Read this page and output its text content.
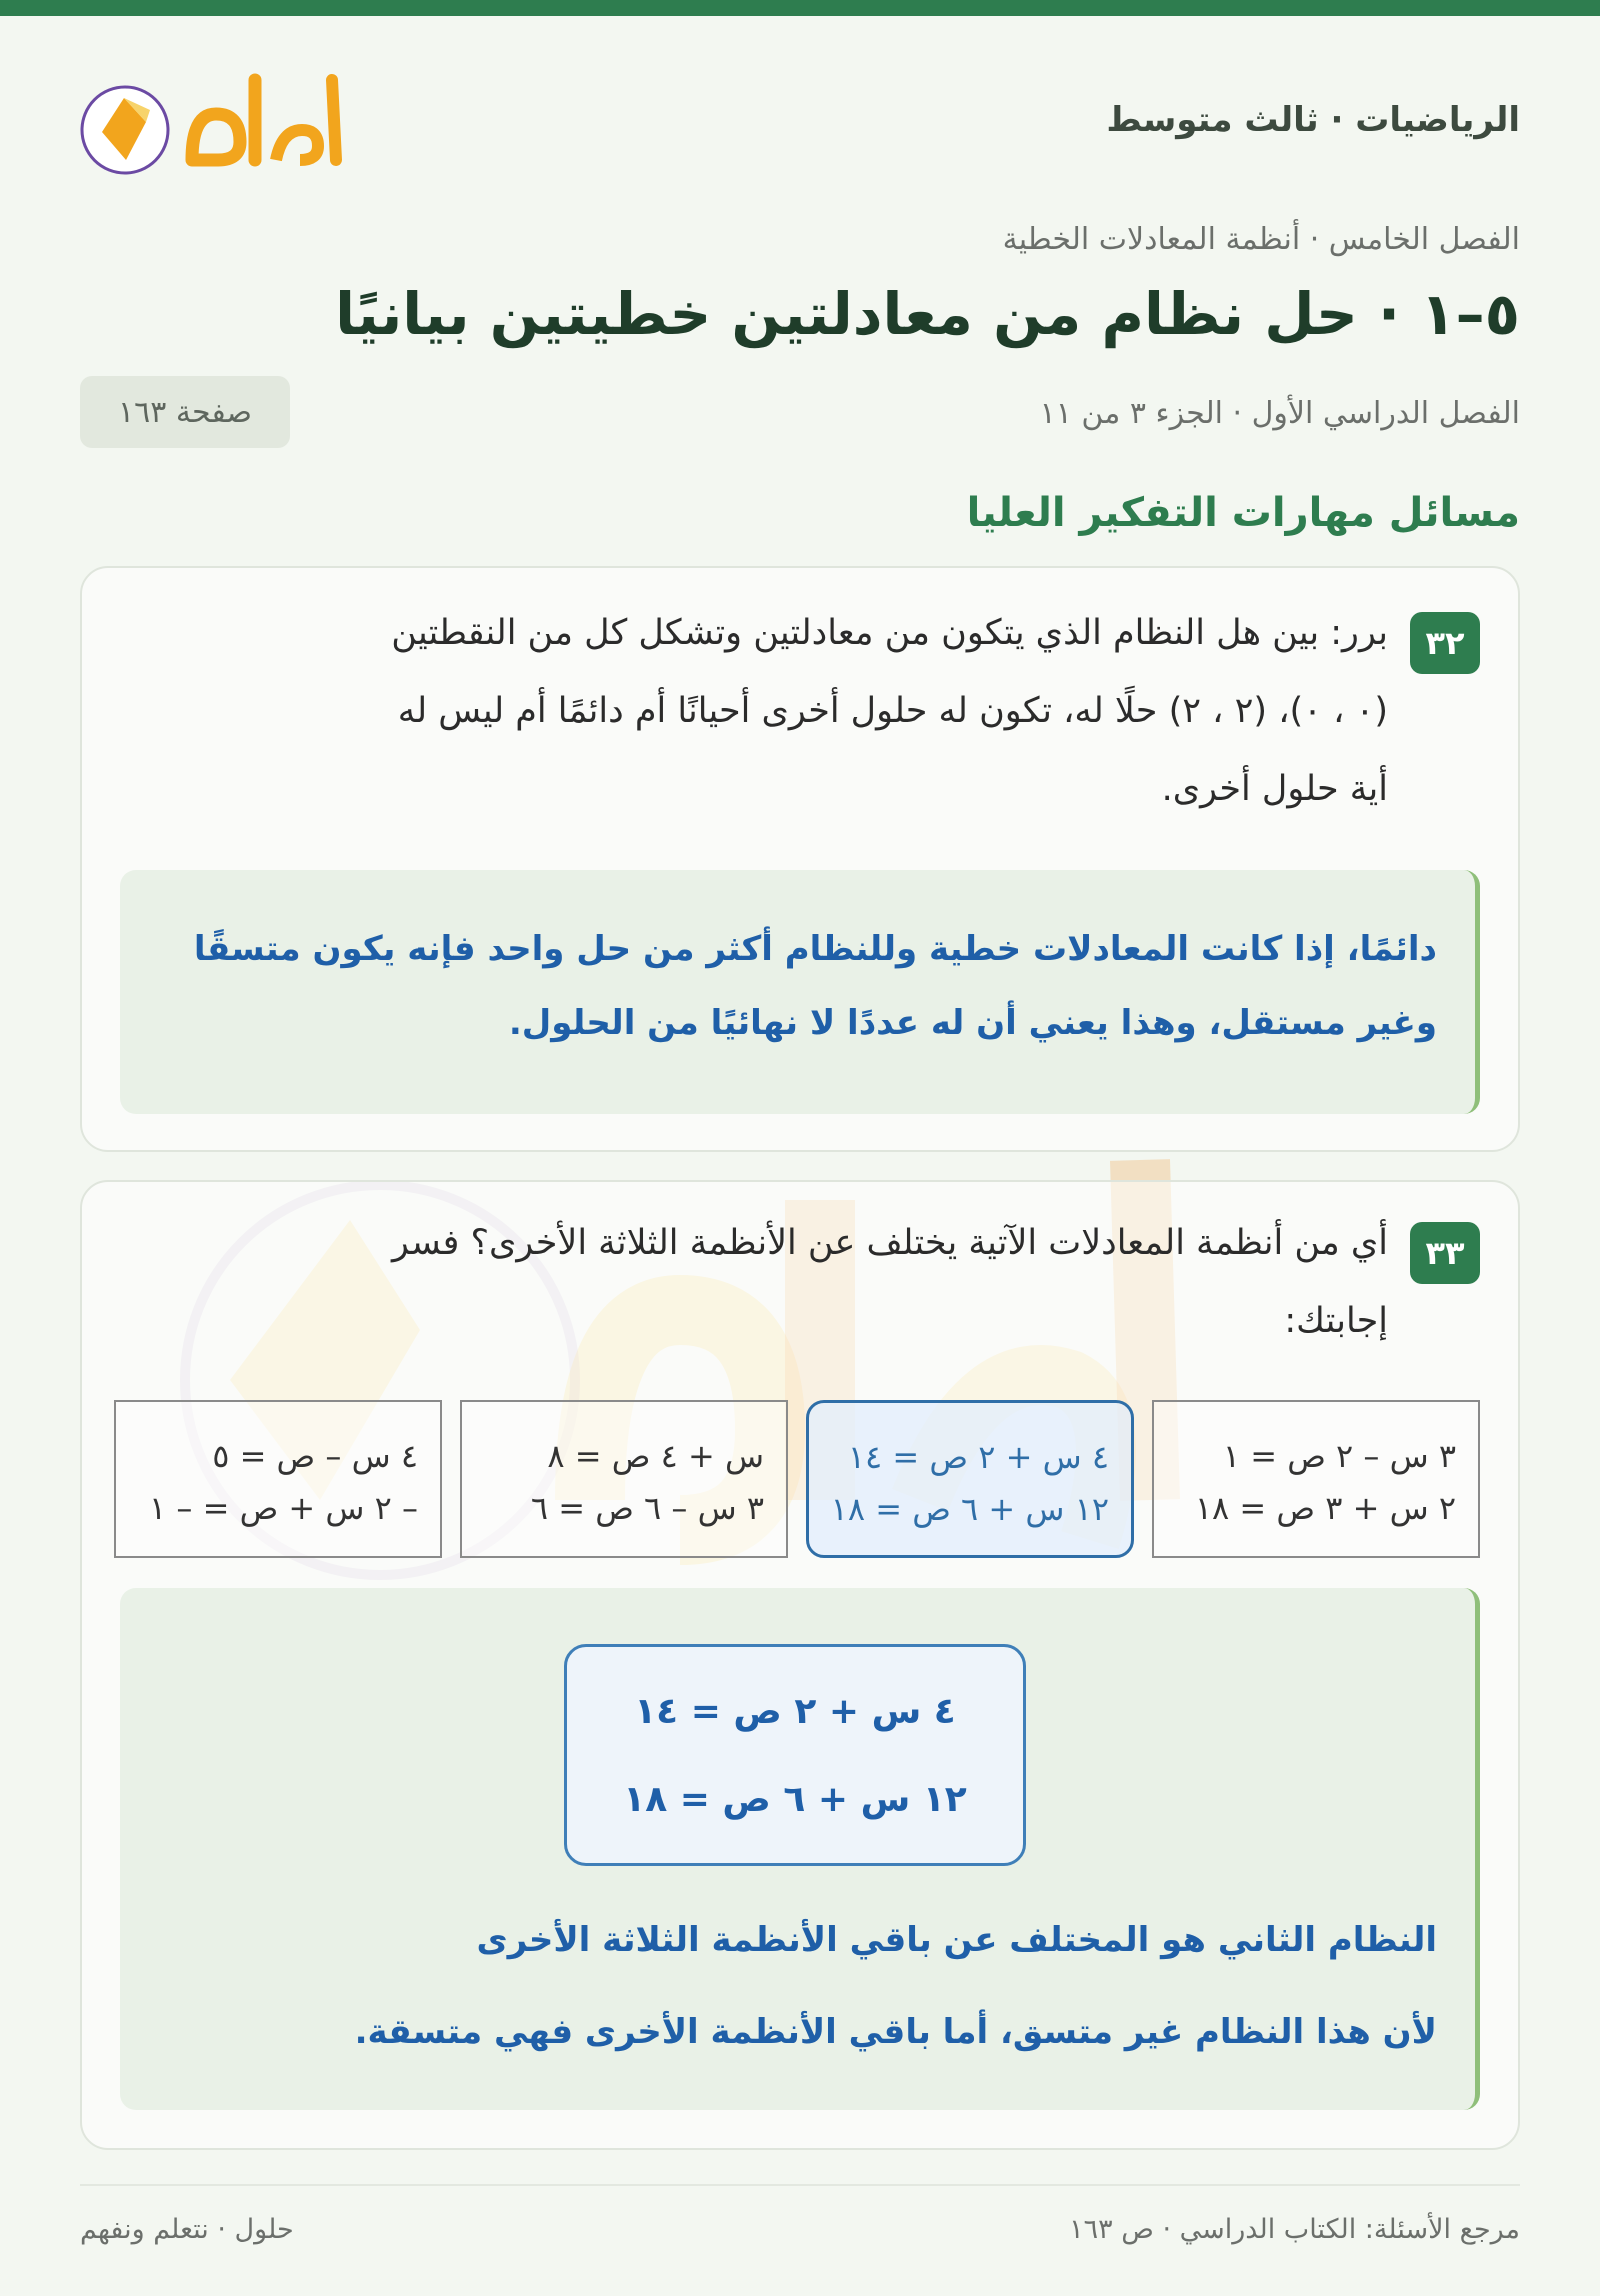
الرياضيات · ثالث متوسط
الفصل الخامس · أنظمة المعادلات الخطية
٥–١ · حل نظام من معادلتين خطيتين بيانيًا
الفصل الدراسي الأول · الجزء ٣ من ١١
صفحة ١٦٣
مسائل مهارات التفكير العليا
٣٢
برر: بين هل النظام الذي يتكون من معادلتين وتشكل كل من النقطتين
(٠ ، ٠)، (٢ ، ٢) حلًا له، تكون له حلول أخرى أحيانًا أم دائمًا أم ليس له
أية حلول أخرى.
دائمًا، إذا كانت المعادلات خطية وللنظام أكثر من حل واحد فإنه يكون متسقًا
وغير مستقل، وهذا يعني أن له عددًا لا نهائيًا من الحلول.
٣٣
أي من أنظمة المعادلات الآتية يختلف عن الأنظمة الثلاثة الأخرى؟ فسر
إجابتك:
٣ س – ٢ ص = ١
٢ س + ٣ ص = ١٨
٤ س + ٢ ص = ١٤
١٢ س + ٦ ص = ١٨
س + ٤ ص = ٨
٣ س – ٦ ص = ٦
٤ س – ص = ٥
– ٢ س + ص = – ١
٤ س + ٢ ص = ١٤
١٢ س + ٦ ص = ١٨
النظام الثاني هو المختلف عن باقي الأنظمة الثلاثة الأخرى
لأن هذا النظام غير متسق، أما باقي الأنظمة الأخرى فهي متسقة.
مرجع الأسئلة: الكتاب الدراسي · ص ١٦٣
حلول · نتعلم ونفهم
